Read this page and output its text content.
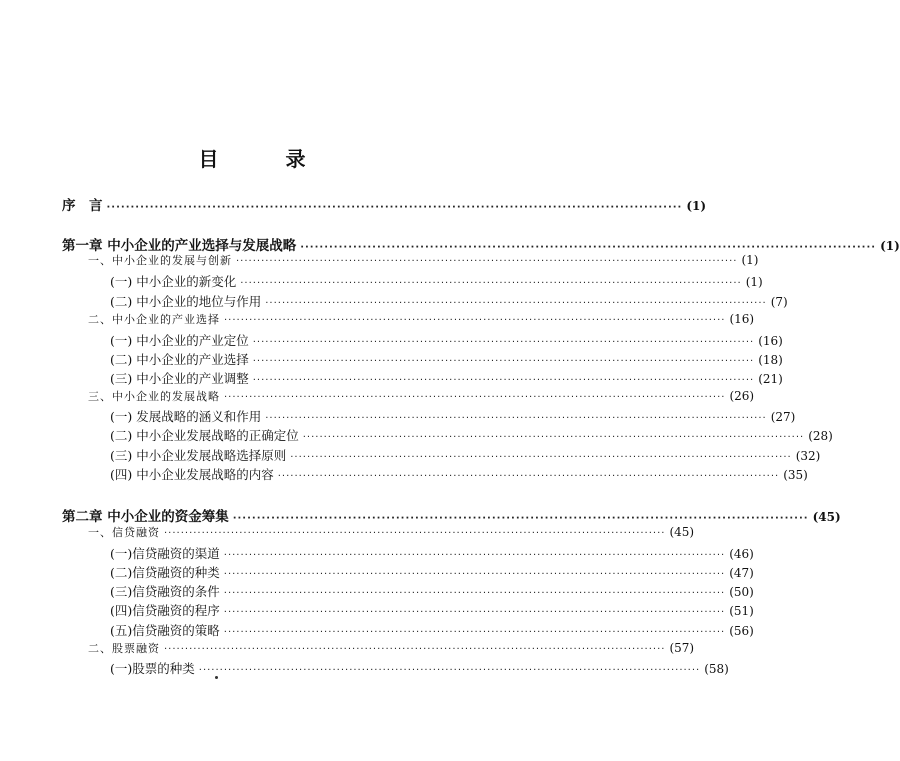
目 录
序　言 ························································································································ (1)
第一章 中小企业的产业选择与发展战略 ························································································································ (1)
一、中小企业的发展与创新 ························································································································ (1)
(一) 中小企业的新变化 ························································································································ (1)
(二) 中小企业的地位与作用 ························································································································ (7)
二、中小企业的产业选择 ························································································································ (16)
(一) 中小企业的产业定位 ························································································································ (16)
(二) 中小企业的产业选择 ························································································································ (18)
(三) 中小企业的产业调整 ························································································································ (21)
三、中小企业的发展战略 ························································································································ (26)
(一) 发展战略的涵义和作用 ························································································································ (27)
(二) 中小企业发展战略的正确定位 ························································································································ (28)
(三) 中小企业发展战略选择原则 ························································································································ (32)
(四) 中小企业发展战略的内容 ························································································································ (35)
第二章 中小企业的资金筹集 ························································································································ (45)
一、信贷融资 ························································································································ (45)
(一)信贷融资的渠道 ························································································································ (46)
(二)信贷融资的种类 ························································································································ (47)
(三)信贷融资的条件 ························································································································ (50)
(四)信贷融资的程序 ························································································································ (51)
(五)信贷融资的策略 ························································································································ (56)
二、股票融资 ························································································································ (57)
(一)股票的种类 ························································································································ (58)
